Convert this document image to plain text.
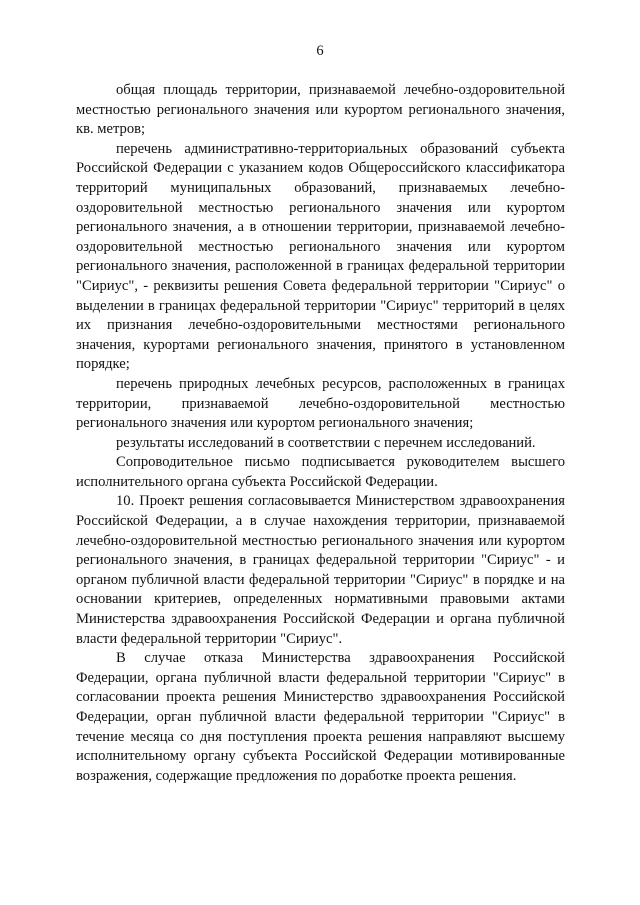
6

общая площадь территории, признаваемой лечебно-оздоровительной местностью регионального значения или курортом регионального значения, кв. метров;

перечень административно-территориальных образований субъекта Российской Федерации с указанием кодов Общероссийского классификатора территорий муниципальных образований, признаваемых лечебно-оздоровительной местностью регионального значения или курортом регионального значения, а в отношении территории, признаваемой лечебно-оздоровительной местностью регионального значения или курортом регионального значения, расположенной в границах федеральной территории "Сириус", - реквизиты решения Совета федеральной территории "Сириус" о выделении в границах федеральной территории "Сириус" территорий в целях их признания лечебно-оздоровительными местностями регионального значения, курортами регионального значения, принятого в установленном порядке;

перечень природных лечебных ресурсов, расположенных в границах территории, признаваемой лечебно-оздоровительной местностью регионального значения или курортом регионального значения;

результаты исследований в соответствии с перечнем исследований.

Сопроводительное письмо подписывается руководителем высшего исполнительного органа субъекта Российской Федерации.

10. Проект решения согласовывается Министерством здравоохранения Российской Федерации, а в случае нахождения территории, признаваемой лечебно-оздоровительной местностью регионального значения или курортом регионального значения, в границах федеральной территории "Сириус" - и органом публичной власти федеральной территории "Сириус" в порядке и на основании критериев, определенных нормативными правовыми актами Министерства здравоохранения Российской Федерации и органа публичной власти федеральной территории "Сириус".

В случае отказа Министерства здравоохранения Российской Федерации, органа публичной власти федеральной территории "Сириус" в согласовании проекта решения Министерство здравоохранения Российской Федерации, орган публичной власти федеральной территории "Сириус" в течение месяца со дня поступления проекта решения направляют высшему исполнительному органу субъекта Российской Федерации мотивированные возражения, содержащие предложения по доработке проекта решения.
